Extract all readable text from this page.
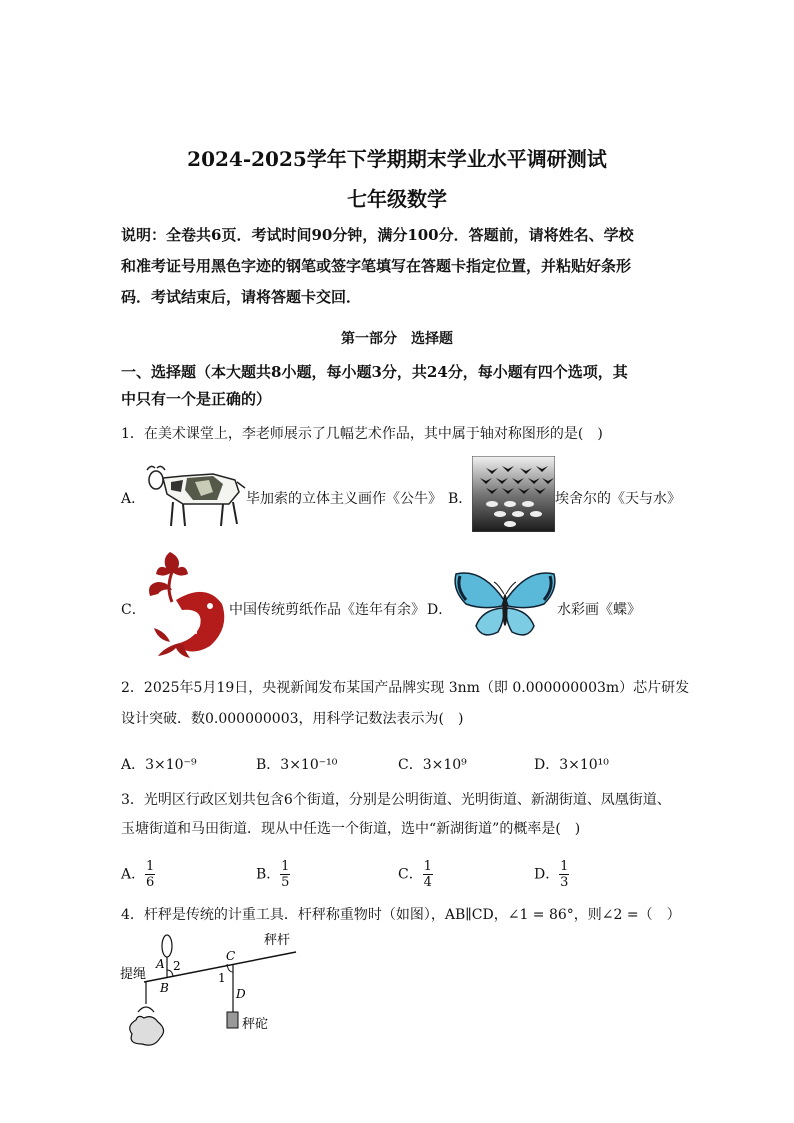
2024-2025学年下学期期末学业水平调研测试
七年级数学
说明：全卷共6页．考试时间90分钟，满分100分．答题前，请将姓名、学校
和准考证号用黑色字迹的钢笔或签字笔填写在答题卡指定位置，并粘贴好条形
码．考试结束后，请将答题卡交回．
第一部分　选择题
一、选择题（本大题共8小题，每小题3分，共24分，每小题有四个选项，其
中只有一个是正确的）
1．在美术课堂上，李老师展示了几幅艺术作品，其中属于轴对称图形的是(　)
A．	毕加索的立体主义画作《公牛》 B．	埃舍尔的《天与水》
C．	中国传统剪纸作品《连年有余》 D．	水彩画《蝶》
2．2025年5月19日，央视新闻发布某国产品牌实现 3nm（即 0.000000003m）芯片研发
设计突破．数0.000000003，用科学记数法表示为(　)
A．3×10⁻⁹	B．3×10⁻¹⁰	C．3×10⁹	D．3×10¹⁰
3．光明区行政区划共包含6个街道，分别是公明街道、光明街道、新湖街道、凤凰街道、
玉塘街道和马田街道．现从中任选一个街道，选中“新湖街道”的概率是(　)
A． $\frac{1}{6}$	B． $\frac{1}{5}$	C． $\frac{1}{4}$	D． $\frac{1}{3}$
4．杆秤是传统的计重工具．杆秤称重物时（如图），AB∥CD，∠1 = 86°，则∠2 =（　）
秤杆
提绳
秤砣
A
B
C
D
1
2
